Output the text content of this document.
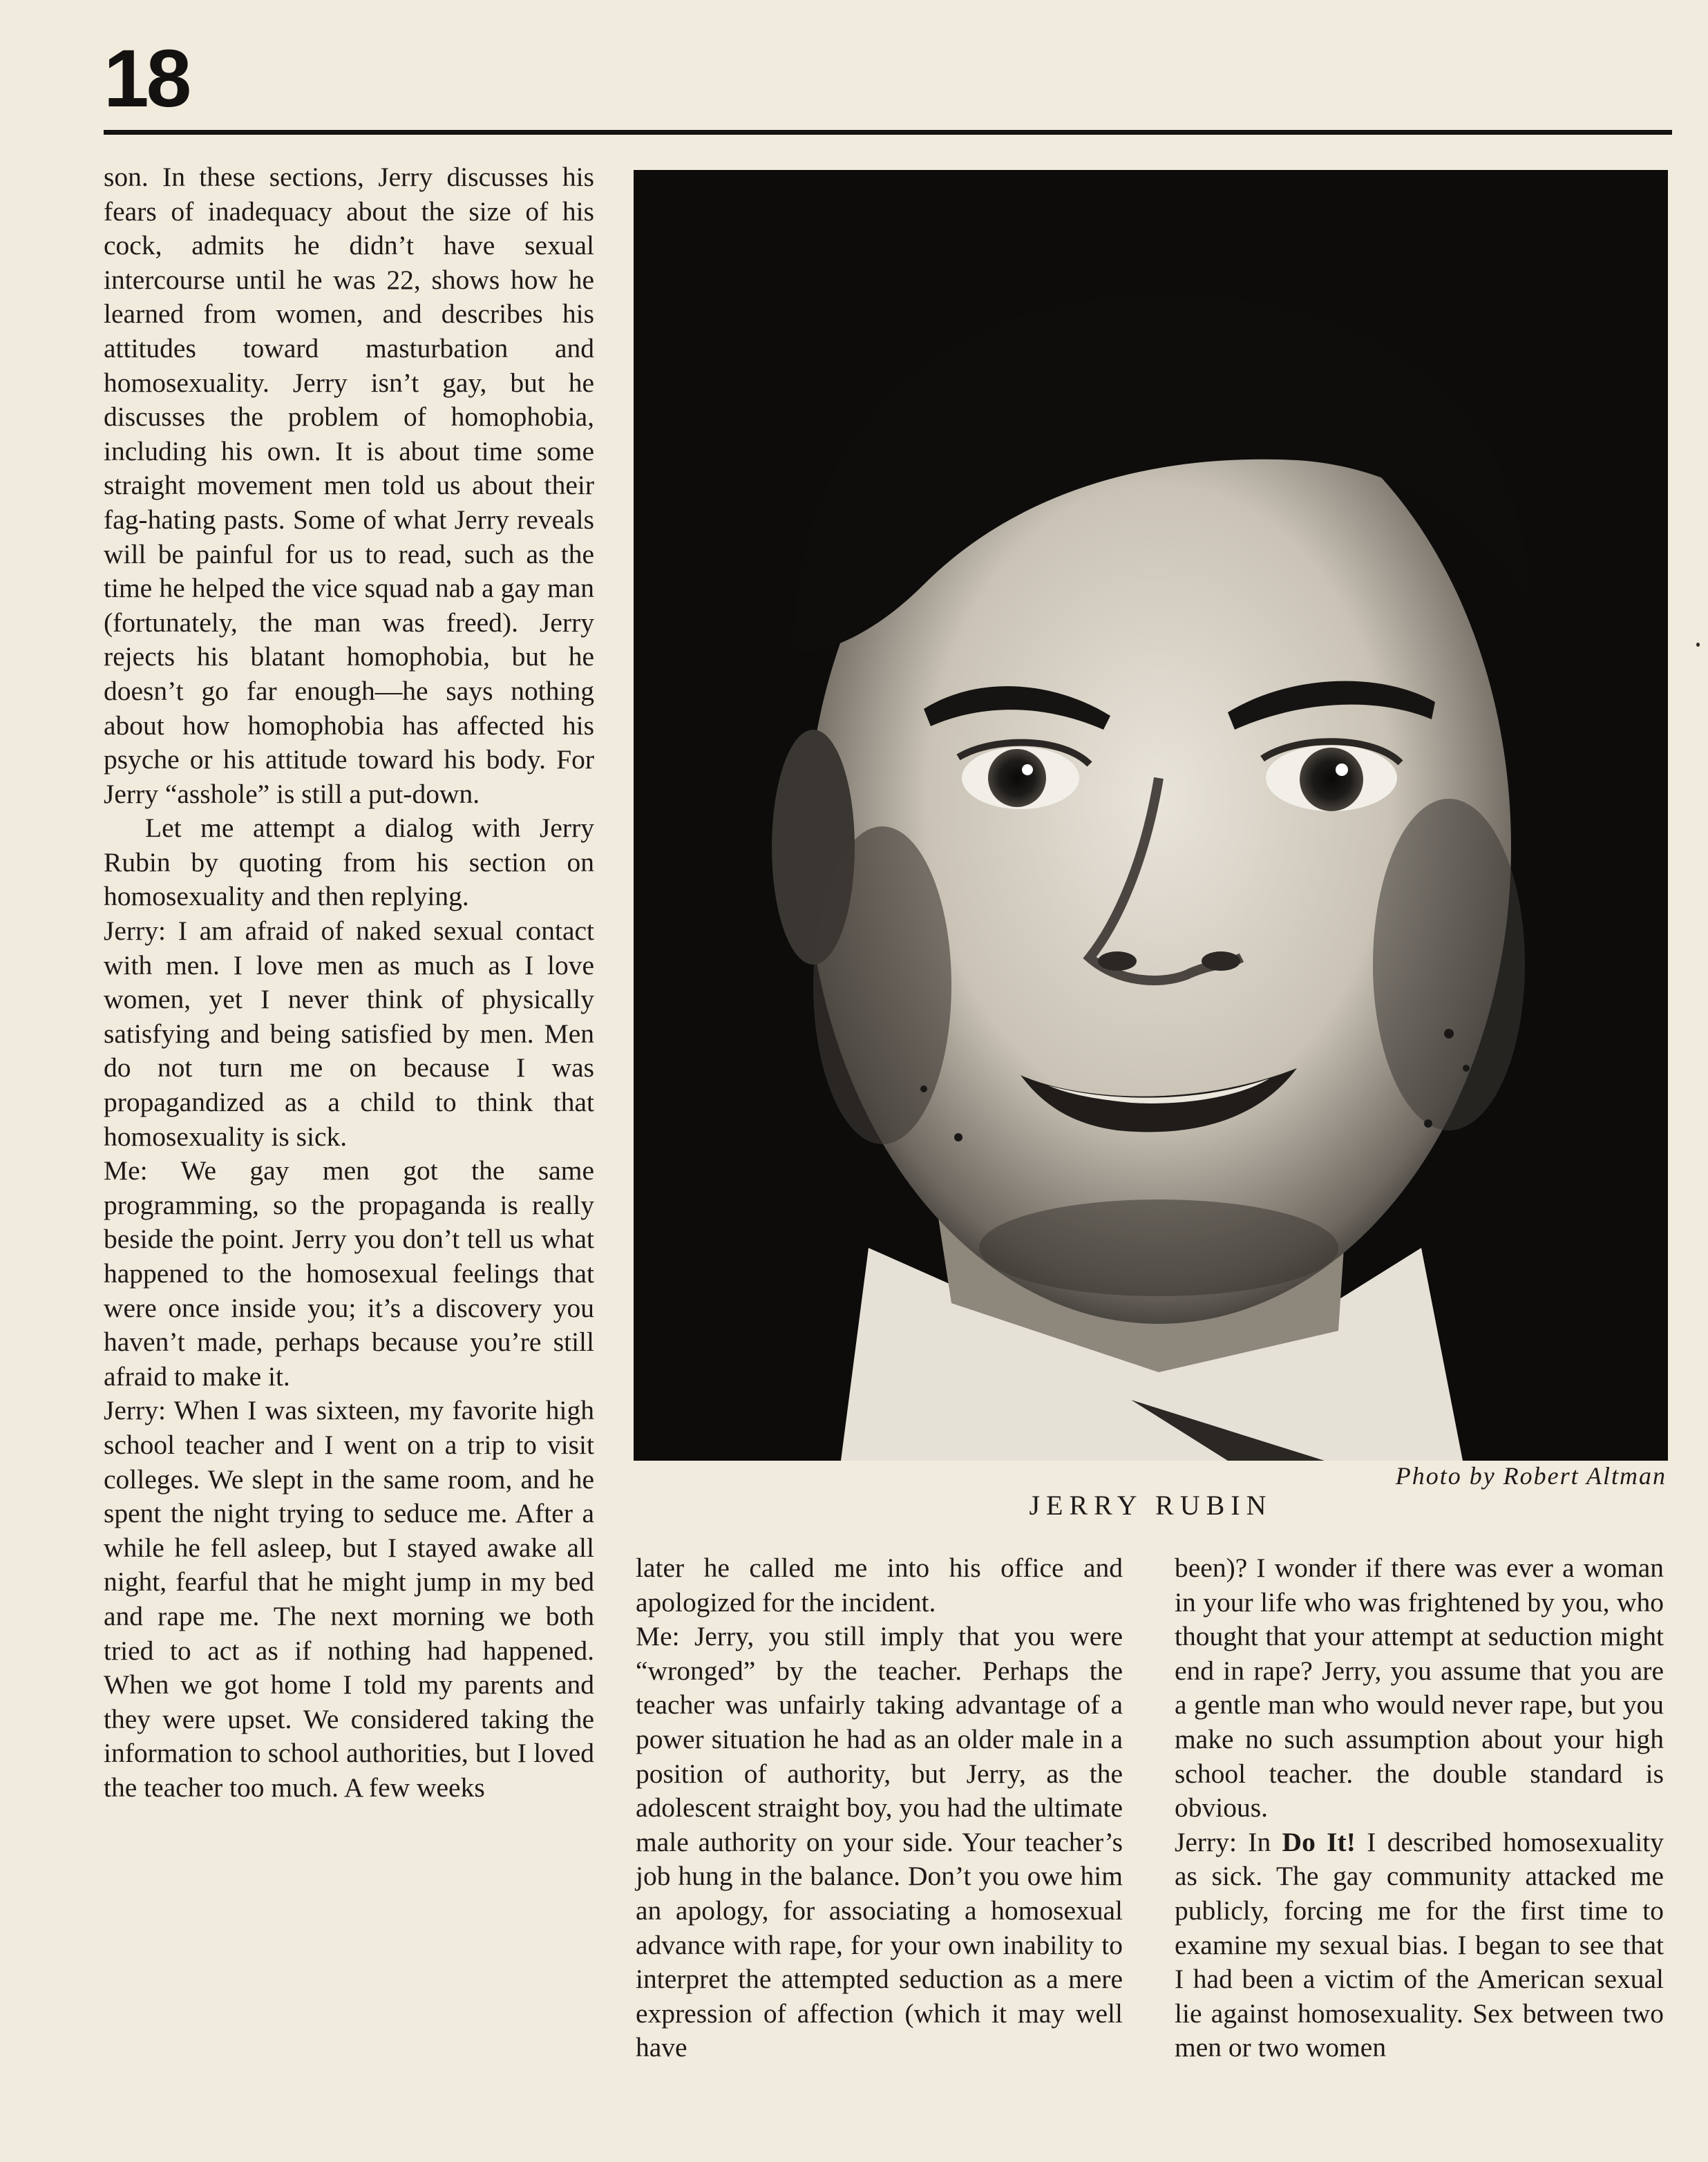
18

son. In these sections, Jerry discusses his fears of inadequacy about the size of his cock, admits he didn’t have sexual intercourse until he was 22, shows how he learned from women, and describes his attitudes toward masturbation and homosexuality. Jerry isn’t gay, but he discusses the problem of homophobia, including his own. It is about time some straight movement men told us about their fag-hating pasts. Some of what Jerry reveals will be painful for us to read, such as the time he helped the vice squad nab a gay man (fortunately, the man was freed). Jerry rejects his blatant homophobia, but he doesn’t go far enough—he says nothing about how homophobia has affected his psyche or his attitude toward his body. For Jerry “asshole” is still a put-down.

Let me attempt a dialog with Jerry Rubin by quoting from his section on homosexuality and then replying.

Jerry: I am afraid of naked sexual contact with men. I love men as much as I love women, yet I never think of physically satisfying and being satisfied by men. Men do not turn me on because I was propagandized as a child to think that homosexuality is sick.

Me: We gay men got the same programming, so the propaganda is really beside the point. Jerry you don’t tell us what happened to the homosexual feelings that were once inside you; it’s a discovery you haven’t made, perhaps because you’re still afraid to make it.

Jerry: When I was sixteen, my favorite high school teacher and I went on a trip to visit colleges. We slept in the same room, and he spent the night trying to seduce me. After a while he fell asleep, but I stayed awake all night, fearful that he might jump in my bed and rape me. The next morning we both tried to act as if nothing had happened. When we got home I told my parents and they were upset. We considered taking the information to school authorities, but I loved the teacher too much. A few weeks

Photo by Robert Altman
JERRY RUBIN

later he called me into his office and apologized for the incident.

Me: Jerry, you still imply that you were “wronged” by the teacher. Perhaps the teacher was unfairly taking advantage of a power situation he had as an older male in a position of authority, but Jerry, as the adolescent straight boy, you had the ultimate male authority on your side. Your teacher’s job hung in the balance. Don’t you owe him an apology, for associating a homosexual advance with rape, for your own inability to interpret the attempted seduction as a mere expression of affection (which it may well have

been)? I wonder if there was ever a woman in your life who was frightened by you, who thought that your attempt at seduction might end in rape? Jerry, you assume that you are a gentle man who would never rape, but you make no such assumption about your high school teacher. the double standard is obvious.

Jerry: In Do It! I described homosexuality as sick. The gay community attacked me publicly, forcing me for the first time to examine my sexual bias. I began to see that I had been a victim of the American sexual lie against homosexuality. Sex between two men or two women
